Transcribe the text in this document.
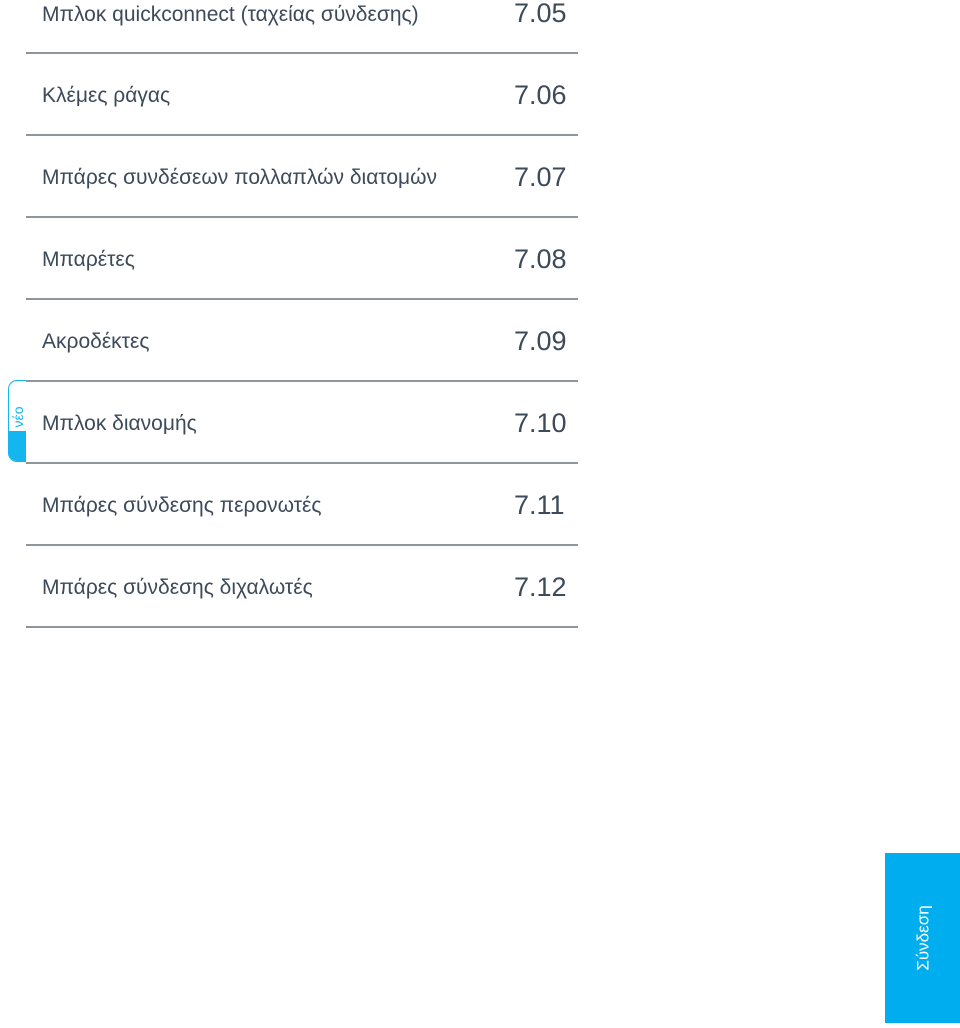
Μπλοκ quickconnect (ταχείας σύνδεσης)	7.05
Κλέμες ράγας	7.06
Μπάρες συνδέσεων πολλαπλών διατομών	7.07
Μπαρέτες	7.08
Ακροδέκτες	7.09
Μπλοκ διανομής	7.10
Μπάρες σύνδεσης περονωτές	7.11
Μπάρες σύνδεσης διχαλωτές	7.12
νέο
Σύνδεση
